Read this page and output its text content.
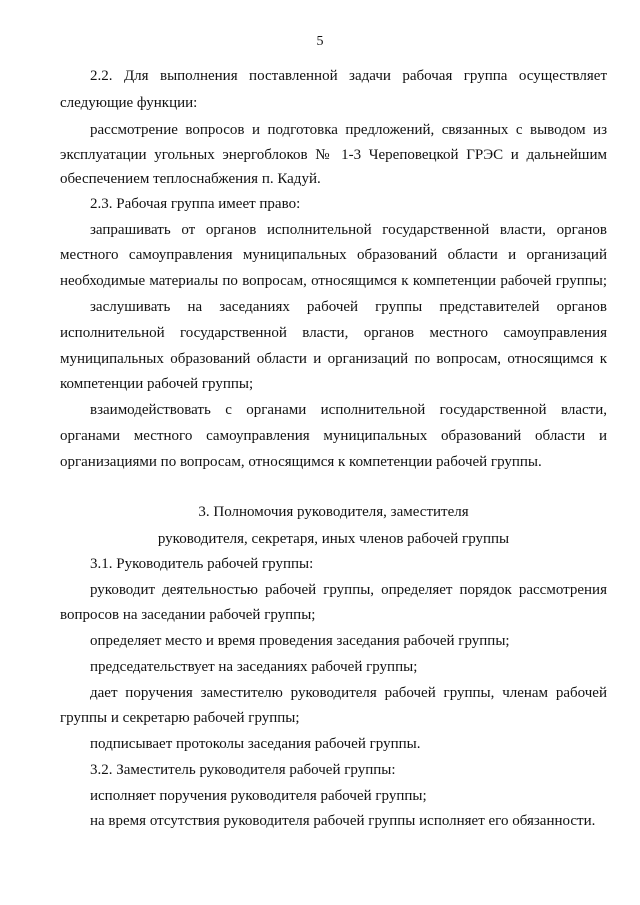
5
2.2. Для выполнения поставленной задачи рабочая группа осуществляет
следующие функции:
рассмотрение вопросов и подготовка предложений, связанных с выводом из
эксплуатации угольных энергоблоков № 1-3 Череповецкой ГРЭС и дальнейшим
обеспечением теплоснабжения п. Кадуй.
2.3. Рабочая группа имеет право:
запрашивать от органов исполнительной государственной власти, органов
местного самоуправления муниципальных образований области и организаций
необходимые материалы по вопросам, относящимся к компетенции рабочей группы;
заслушивать на заседаниях рабочей группы представителей органов
исполнительной государственной власти, органов местного самоуправления
муниципальных образований области и организаций по вопросам, относящимся к
компетенции рабочей группы;
взаимодействовать с органами исполнительной государственной власти,
органами местного самоуправления муниципальных образований области и
организациями по вопросам, относящимся к компетенции рабочей группы.
3. Полномочия руководителя, заместителя
руководителя, секретаря, иных членов рабочей группы
3.1. Руководитель рабочей группы:
руководит деятельностью рабочей группы, определяет порядок рассмотрения
вопросов на заседании рабочей группы;
определяет место и время проведения заседания рабочей группы;
председательствует на заседаниях рабочей группы;
дает поручения заместителю руководителя рабочей группы, членам рабочей
группы и секретарю рабочей группы;
подписывает протоколы заседания рабочей группы.
3.2. Заместитель руководителя рабочей группы:
исполняет поручения руководителя рабочей группы;
на время отсутствия руководителя рабочей группы исполняет его обязанности.
